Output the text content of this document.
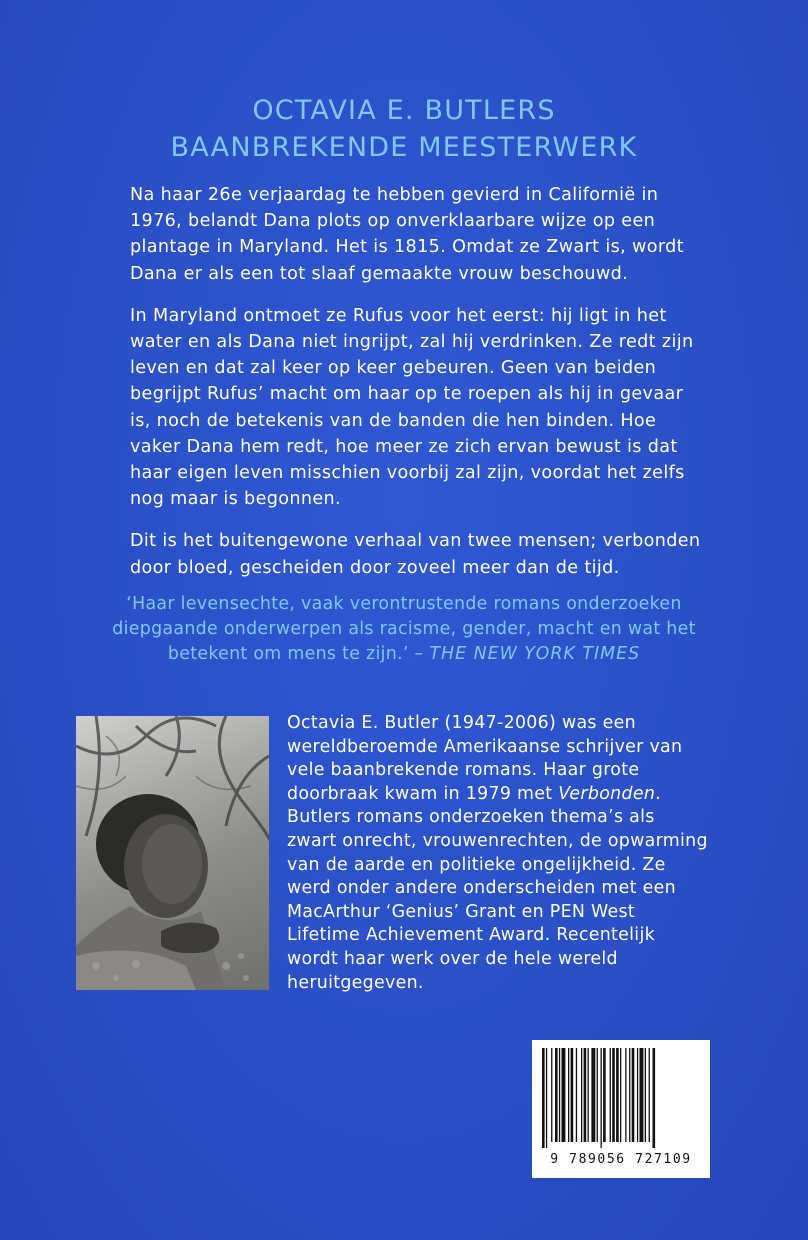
OCTAVIA E. BUTLERS
BAANBREKENDE MEESTERWERK
Na haar 26e verjaardag te hebben gevierd in Californië in
1976, belandt Dana plots op onverklaarbare wijze op een
plantage in Maryland. Het is 1815. Omdat ze Zwart is, wordt
Dana er als een tot slaaf gemaakte vrouw beschouwd.
In Maryland ontmoet ze Rufus voor het eerst: hij ligt in het
water en als Dana niet ingrijpt, zal hij verdrinken. Ze redt zijn
leven en dat zal keer op keer gebeuren. Geen van beiden
begrijpt Rufus’ macht om haar op te roepen als hij in gevaar
is, noch de betekenis van de banden die hen binden. Hoe
vaker Dana hem redt, hoe meer ze zich ervan bewust is dat
haar eigen leven misschien voorbij zal zijn, voordat het zelfs
nog maar is begonnen.
Dit is het buitengewone verhaal van twee mensen; verbonden
door bloed, gescheiden door zoveel meer dan de tijd.
‘Haar levensechte, vaak verontrustende romans onderzoeken
diepgaande onderwerpen als racisme, gender, macht en wat het
betekent om mens te zijn.’ – THE NEW YORK TIMES
Octavia E. Butler (1947-2006) was een
wereldberoemde Amerikaanse schrijver van
vele baanbrekende romans. Haar grote
doorbraak kwam in 1979 met Verbonden.
Butlers romans onderzoeken thema’s als
zwart onrecht, vrouwenrechten, de opwarming
van de aarde en politieke ongelijkheid. Ze
werd onder andere onderscheiden met een
MacArthur ‘Genius’ Grant en PEN West
Lifetime Achievement Award. Recentelijk
wordt haar werk over de hele wereld
heruitgegeven.
9 789056 727109
